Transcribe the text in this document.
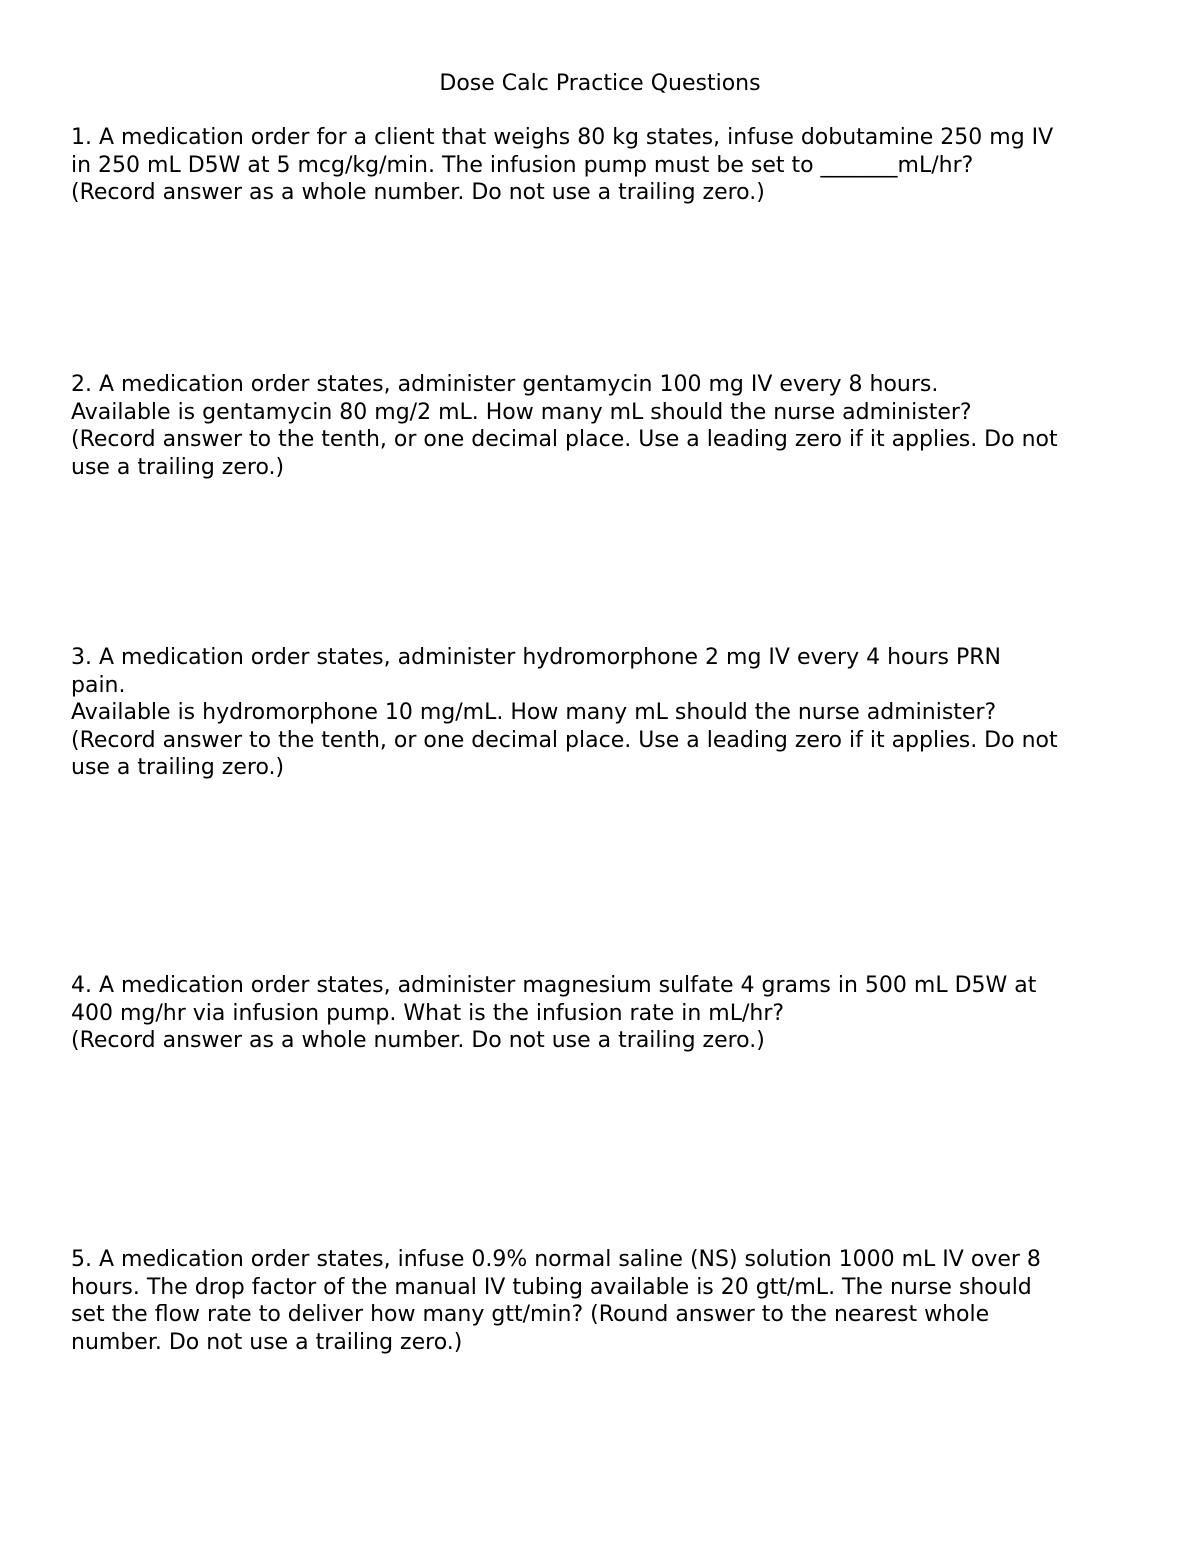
Dose Calc Practice Questions

1. A medication order for a client that weighs 80 kg states, infuse dobutamine 250 mg IV
in 250 mL D5W at 5 mcg/kg/min. The infusion pump must be set to _______mL/hr?
(Record answer as a whole number. Do not use a trailing zero.)

2. A medication order states, administer gentamycin 100 mg IV every 8 hours.
Available is gentamycin 80 mg/2 mL. How many mL should the nurse administer?
(Record answer to the tenth, or one decimal place. Use a leading zero if it applies. Do not
use a trailing zero.)

3. A medication order states, administer hydromorphone 2 mg IV every 4 hours PRN
pain.
Available is hydromorphone 10 mg/mL. How many mL should the nurse administer?
(Record answer to the tenth, or one decimal place. Use a leading zero if it applies. Do not
use a trailing zero.)

4. A medication order states, administer magnesium sulfate 4 grams in 500 mL D5W at
400 mg/hr via infusion pump. What is the infusion rate in mL/hr?
(Record answer as a whole number. Do not use a trailing zero.)

5. A medication order states, infuse 0.9% normal saline (NS) solution 1000 mL IV over 8
hours. The drop factor of the manual IV tubing available is 20 gtt/mL. The nurse should
set the flow rate to deliver how many gtt/min? (Round answer to the nearest whole
number. Do not use a trailing zero.)
